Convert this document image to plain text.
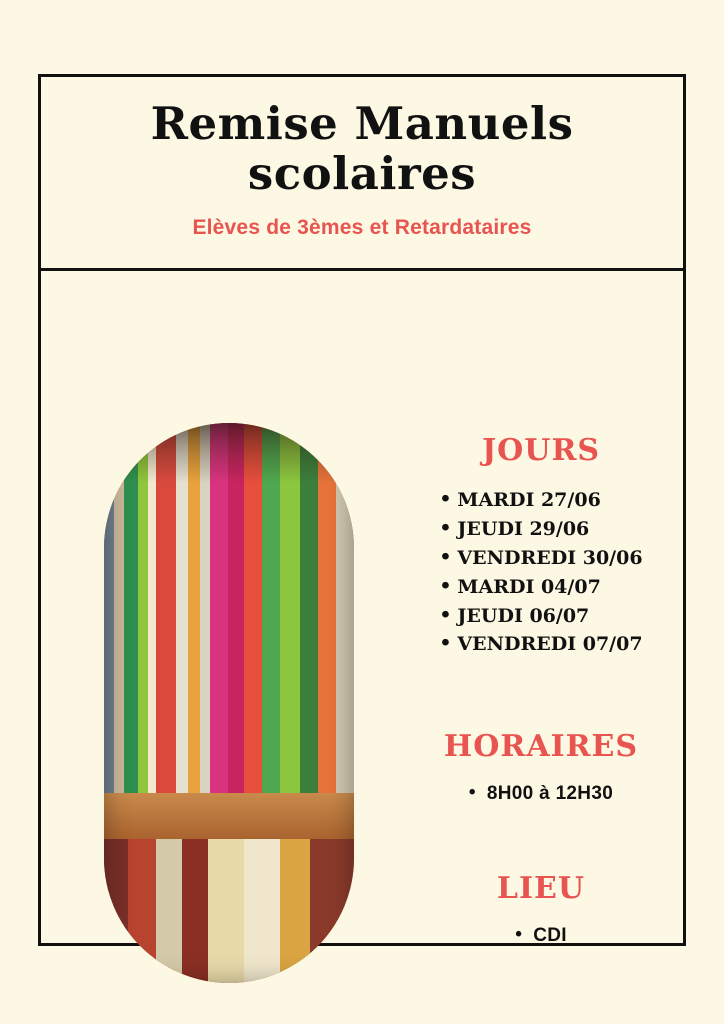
Remise Manuels
scolaires
Elèves de 3èmes et Retardataires
JOURS
• MARDI 27/06
• JEUDI 29/06
• VENDREDI 30/06
• MARDI 04/07
• JEUDI 06/07
• VENDREDI 07/07
HORAIRES
• 8H00 à 12H30
LIEU
• CDI
